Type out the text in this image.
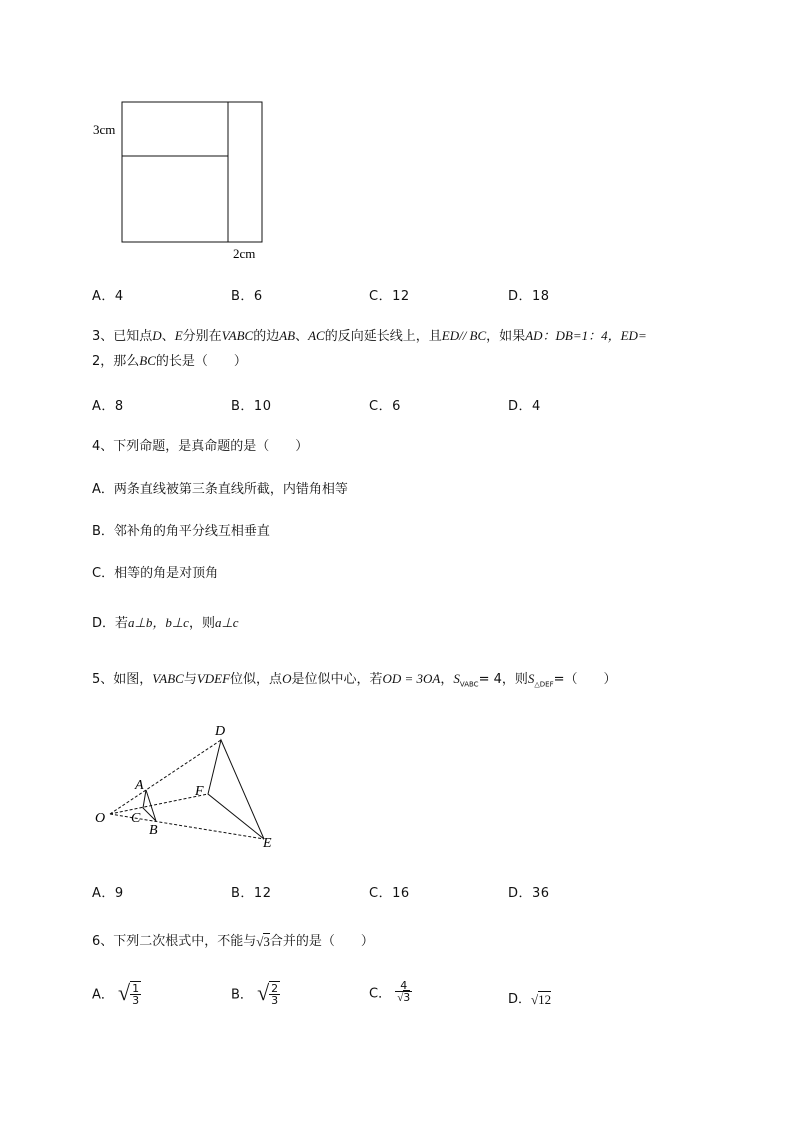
3cm
2cm
A．4	B．6	C．12	D．18
3、已知点D、E分别在VABC的边AB、AC的反向延长线上，且ED// BC，如果AD：DB=1：4，ED=
2，那么BC的长是（　　）
A．8	B．10	C．6	D．4
4、下列命题，是真命题的是（　　）
A．两条直线被第三条直线所截，内错角相等
B．邻补角的角平分线互相垂直
C．相等的角是对顶角
D．若a⊥b，b⊥c，则a⊥c
5、如图，VABC与VDEF位似，点O是位似中心，若OD = 3OA，$S_{VABC}= 4$，则$S_{\triangle DEF}=$（　　）
D
A	F
O C
B
E
A．9	B．12	C．16	D．36
6、下列二次根式中，不能与√3合并的是（　　）
A． √ $\frac{1}{3}$	B． √ $\frac{2}{3}$	C． $\frac{4}{√3}$	D．√12
